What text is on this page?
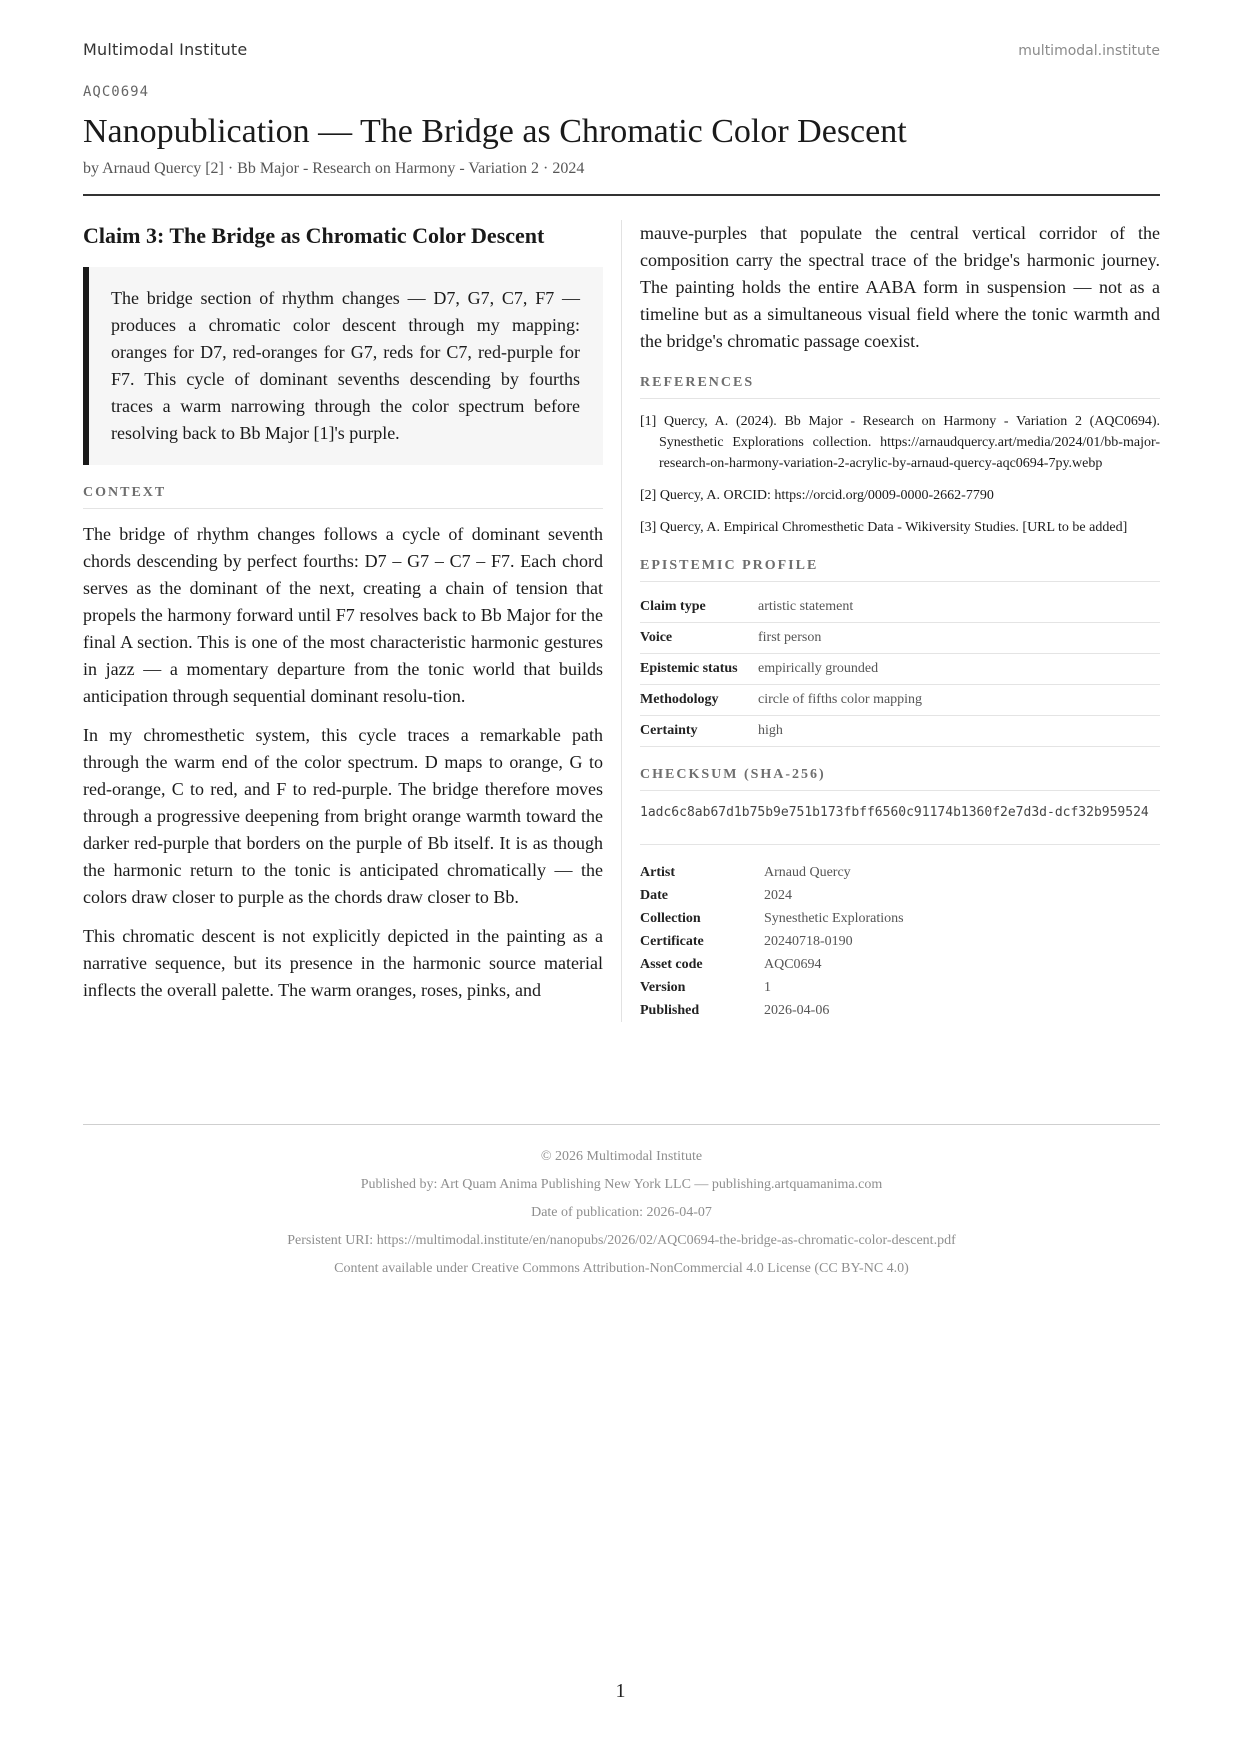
Multimodal Institute	multimodal.institute
AQC0694
Nanopublication — The Bridge as Chromatic Color Descent
by Arnaud Quercy [2] · Bb Major - Research on Harmony - Variation 2 · 2024
Claim 3: The Bridge as Chromatic Color Descent
The bridge section of rhythm changes — D7, G7, C7, F7 — produces a chromatic color descent through my mapping: oranges for D7, red-oranges for G7, reds for C7, red-purple for F7. This cycle of dominant sevenths descending by fourths traces a warm narrowing through the color spectrum before resolving back to Bb Major [1]'s purple.
CONTEXT

The bridge of rhythm changes follows a cycle of dominant seventh chords descending by perfect fourths: D7 – G7 – C7 – F7. Each chord serves as the dominant of the next, creating a chain of tension that propels the harmony forward until F7 resolves back to Bb Major for the final A section. This is one of the most characteristic harmonic gestures in jazz — a momentary departure from the tonic world that builds anticipation through sequential dominant resolu-tion.

In my chromesthetic system, this cycle traces a remarkable path through the warm end of the color spectrum. D maps to orange, G to red-orange, C to red, and F to red-purple. The bridge therefore moves through a progressive deepening from bright orange warmth toward the darker red-purple that borders on the purple of Bb itself. It is as though the harmonic return to the tonic is anticipated chromatically — the colors draw closer to purple as the chords draw closer to Bb.

This chromatic descent is not explicitly depicted in the painting as a narrative sequence, but its presence in the harmonic source material inflects the overall palette. The warm oranges, roses, pinks, and

mauve-purples that populate the central vertical corridor of the composition carry the spectral trace of the bridge's harmonic journey. The painting holds the entire AABA form in suspension — not as a timeline but as a simultaneous visual field where the tonic warmth and the bridge's chromatic passage coexist.

REFERENCES
[1] Quercy, A. (2024). Bb Major - Research on Harmony - Variation 2 (AQC0694). Synesthetic Explorations collection. https://arnaudquercy.art/media/2024/01/bb-major-research-on-harmony-variation-2-acrylic-by-arnaud-quercy-aqc0694-7py.webp
[2] Quercy, A. ORCID: https://orcid.org/0009-0000-2662-7790
[3] Quercy, A. Empirical Chromesthetic Data - Wikiversity Studies. [URL to be added]
EPISTEMIC PROFILE
Claim type	artistic statement
Voice	first person
Epistemic status	empirically grounded
Methodology	circle of fifths color mapping
Certainty	high
CHECKSUM (SHA-256)
1adc6c8ab67d1b75b9e751b173fbff6560c91174b1360f2e7d3d-dcf32b959524
Artist	Arnaud Quercy
Date	2024
Collection	Synesthetic Explorations
Certificate	20240718-0190
Asset code	AQC0694
Version	1
Published	2026-04-06
© 2026 Multimodal Institute
Published by: Art Quam Anima Publishing New York LLC — publishing.artquamanima.com
Date of publication: 2026-04-07
Persistent URI: https://multimodal.institute/en/nanopubs/2026/02/AQC0694-the-bridge-as-chromatic-color-descent.pdf
Content available under Creative Commons Attribution-NonCommercial 4.0 License (CC BY-NC 4.0)
1
